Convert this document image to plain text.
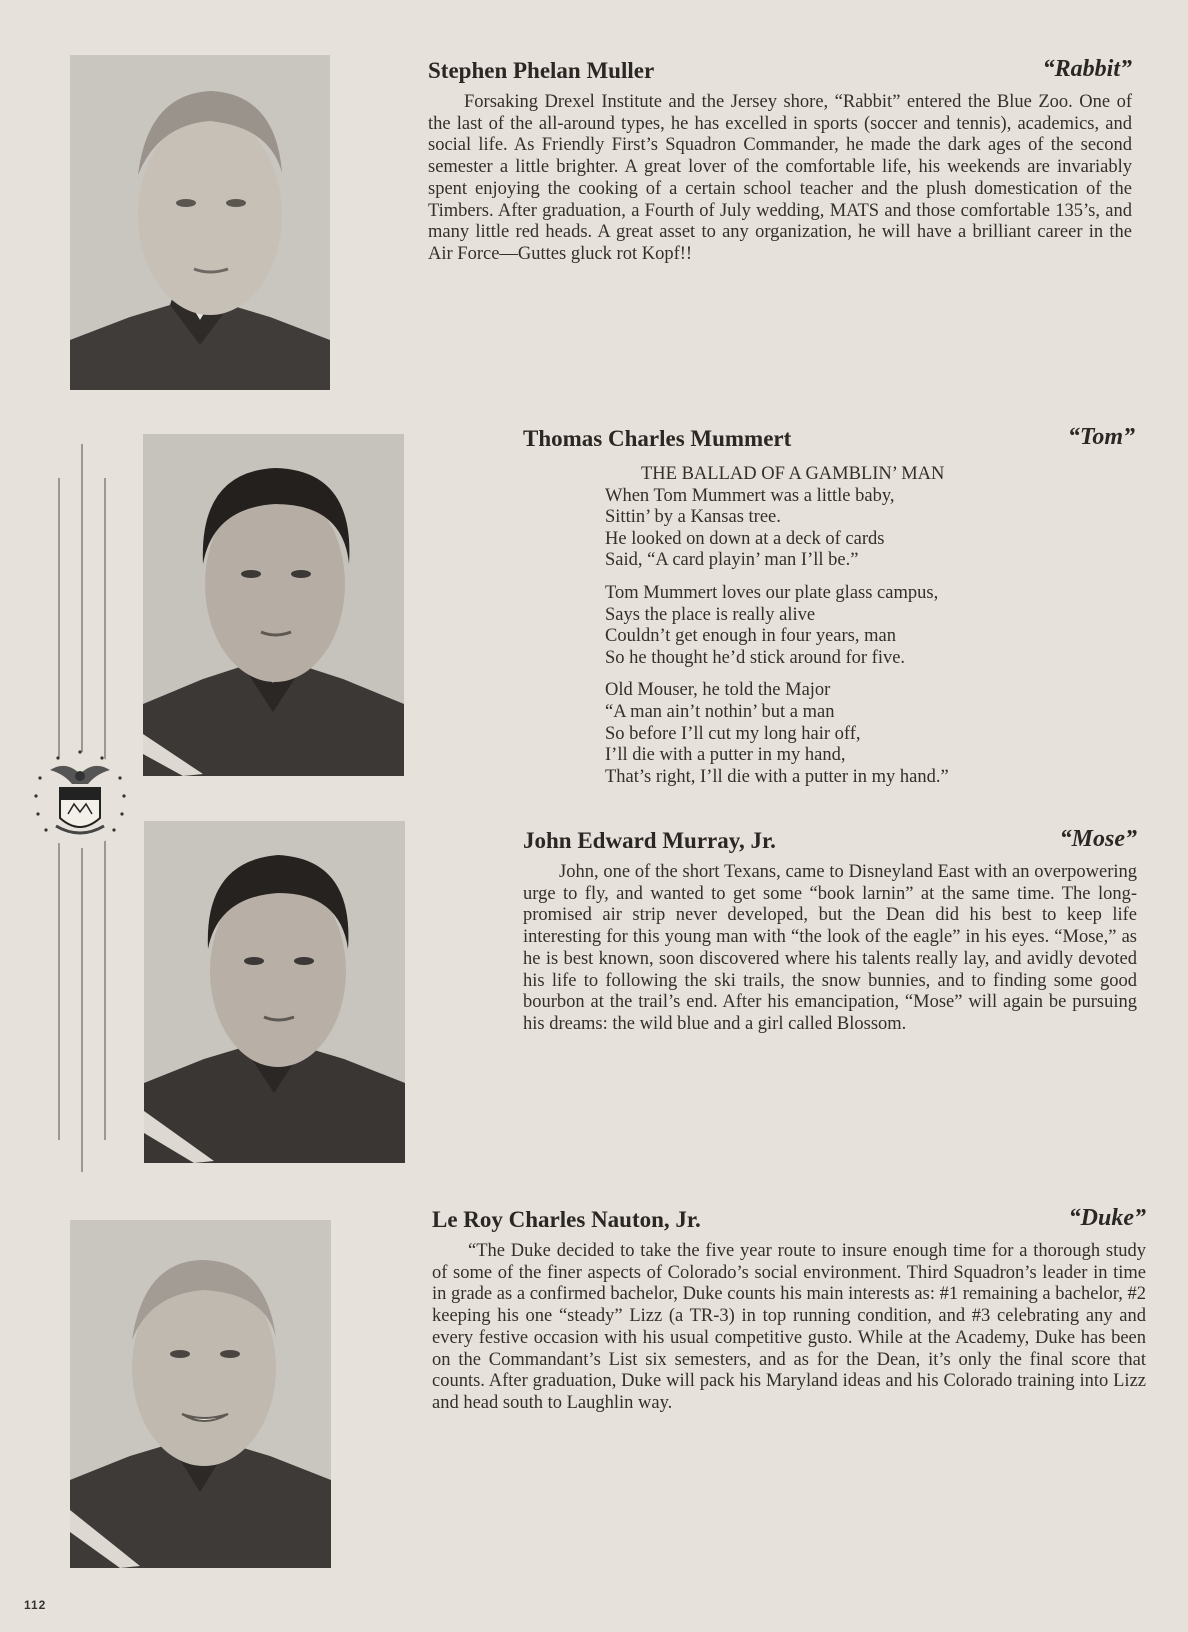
Stephen Phelan Muller	“Rabbit”

Forsaking Drexel Institute and the Jersey shore, “Rabbit” entered the Blue Zoo. One of the last of the all-around types, he has excelled in sports (soccer and tennis), academics, and social life. As Friendly First’s Squadron Commander, he made the dark ages of the second semester a little brighter. A great lover of the comfortable life, his weekends are invariably spent enjoying the cooking of a certain school teacher and the plush domestication of the Timbers. After graduation, a Fourth of July wedding, MATS and those comfortable 135’s, and many little red heads. A great asset to any organization, he will have a brilliant career in the Air Force—Guttes gluck rot Kopf!!

Thomas Charles Mummert	“Tom”
THE BALLAD OF A GAMBLIN’ MAN
When Tom Mummert was a little baby,
Sittin’ by a Kansas tree.
He looked on down at a deck of cards
Said, “A card playin’ man I’ll be.”
Tom Mummert loves our plate glass campus,
Says the place is really alive
Couldn’t get enough in four years, man
So he thought he’d stick around for five.
Old Mouser, he told the Major
“A man ain’t nothin’ but a man
So before I’ll cut my long hair off,
I’ll die with a putter in my hand,
That’s right, I’ll die with a putter in my hand.”
John Edward Murray, Jr.	“Mose”

John, one of the short Texans, came to Disneyland East with an overpowering urge to fly, and wanted to get some “book larnin” at the same time. The long-promised air strip never developed, but the Dean did his best to keep life interesting for this young man with “the look of the eagle” in his eyes. “Mose,” as he is best known, soon discovered where his talents really lay, and avidly devoted his life to following the ski trails, the snow bunnies, and to finding some good bourbon at the trail’s end. After his emancipation, “Mose” will again be pursuing his dreams: the wild blue and a girl called Blossom.

Le Roy Charles Nauton, Jr.	“Duke”

“The Duke decided to take the five year route to insure enough time for a thorough study of some of the finer aspects of Colorado’s social environment. Third Squadron’s leader in time in grade as a confirmed bachelor, Duke counts his main interests as: #1 remaining a bachelor, #2 keeping his one “steady” Lizz (a TR-3) in top running condition, and #3 celebrating any and every festive occasion with his usual competitive gusto. While at the Academy, Duke has been on the Commandant’s List six semesters, and as for the Dean, it’s only the final score that counts. After graduation, Duke will pack his Maryland ideas and his Colorado training into Lizz and head south to Laughlin way.

112
